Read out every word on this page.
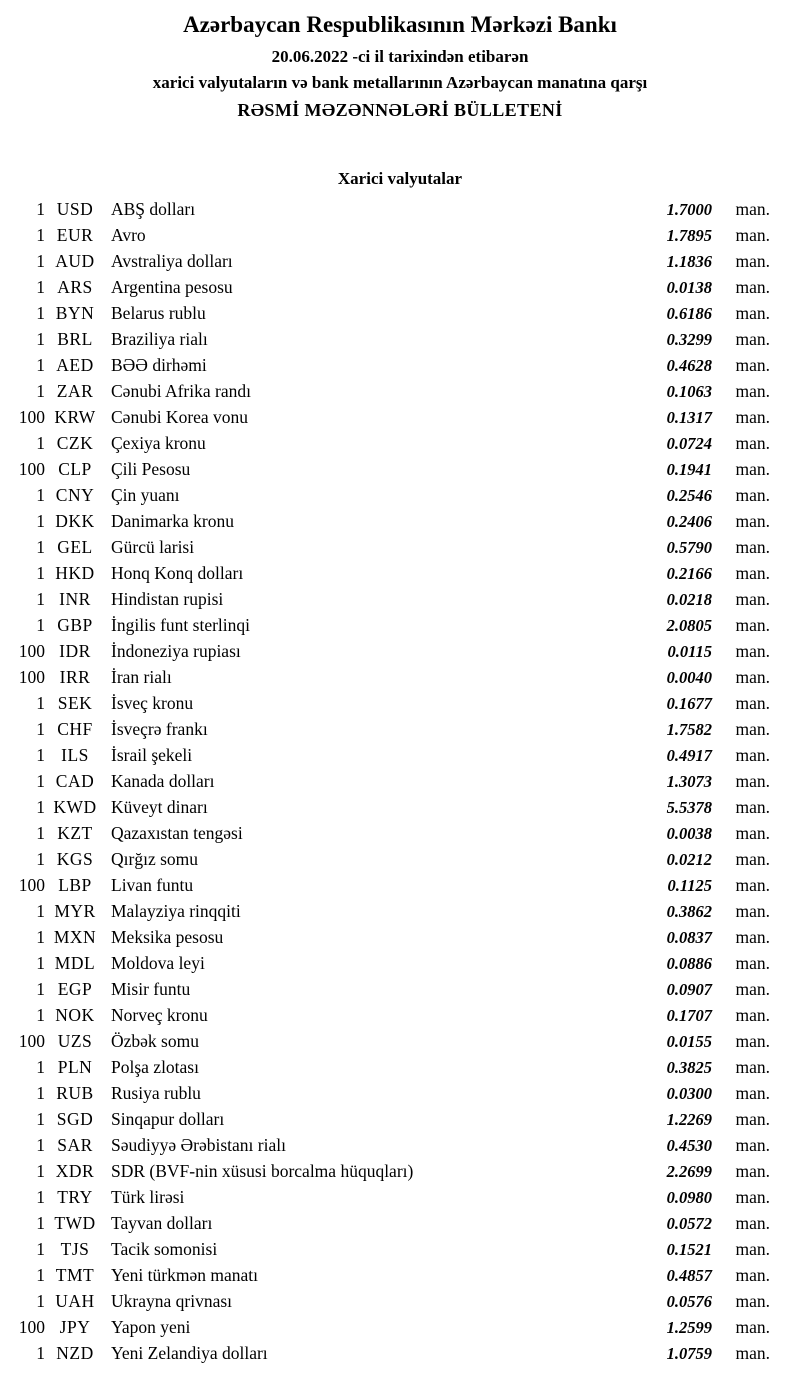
Azərbaycan Respublikasının Mərkəzi Bankı
20.06.2022 -ci il tarixindən etibarən
xarici valyutaların və bank metallarının Azərbaycan manatına qarşı
RƏSMİ MƏZƏNNƏLƏRİ BÜLLETENİ
Xarici valyutalar
1 USD	ABŞ dolları	1.7000	man.
1 EUR	Avro	1.7895	man.
1 AUD Avstraliya dolları	1.1836	man.
1 ARS	Argentina pesosu	0.0138	man.
1 BYN Belarus rublu	0.6186	man.
1 BRL	Braziliya rialı	0.3299	man.
1 AED BƏƏ dirhəmi	0.4628	man.
1 ZAR	Cənubi Afrika randı	0.1063	man.
100 KRW Cənubi Korea vonu	0.1317	man.
1 CZK	Çexiya kronu	0.0724	man.
100 CLP	Çili Pesosu	0.1941	man.
1 CNY Çin yuanı	0.2546	man.
1 DKK Danimarka kronu	0.2406	man.
1 GEL	Gürcü larisi	0.5790	man.
1 HKD Honq Konq dolları	0.2166	man.
1 INR	Hindistan rupisi	0.0218	man.
1 GBP	İngilis funt sterlinqi	2.0805	man.
100 IDR	İndoneziya rupiası	0.0115	man.
100 IRR	İran rialı	0.0040	man.
1 SEK	İsveç kronu	0.1677	man.
1 CHF	İsveçrə frankı	1.7582	man.
1 ILS	İsrail şekeli	0.4917	man.
1 CAD Kanada dolları	1.3073	man.
1 KWD Küveyt dinarı	5.5378	man.
1 KZT	Qazaxıstan tengəsi	0.0038	man.
1 KGS	Qırğız somu	0.0212	man.
100 LBP	Livan funtu	0.1125	man.
1 MYR Malayziya rinqqiti	0.3862	man.
1 MXN Meksika pesosu	0.0837	man.
1 MDL Moldova leyi	0.0886	man.
1 EGP	Misir funtu	0.0907	man.
1 NOK Norveç kronu	0.1707	man.
100 UZS	Özbək somu	0.0155	man.
1 PLN	Polşa zlotası	0.3825	man.
1 RUB Rusiya rublu	0.0300	man.
1 SGD	Sinqapur dolları	1.2269	man.
1 SAR	Səudiyyə Ərəbistanı rialı	0.4530	man.
1 XDR SDR (BVF-nin xüsusi borcalma hüquqları)	2.2699	man.
1 TRY	Türk lirəsi	0.0980	man.
1 TWD Tayvan dolları	0.0572	man.
1 TJS	Tacik somonisi	0.1521	man.
1 TMT Yeni türkmən manatı	0.4857	man.
1 UAH Ukrayna qrivnası	0.0576	man.
100 JPY	Yapon yeni	1.2599	man.
1 NZD Yeni Zelandiya dolları	1.0759	man.
